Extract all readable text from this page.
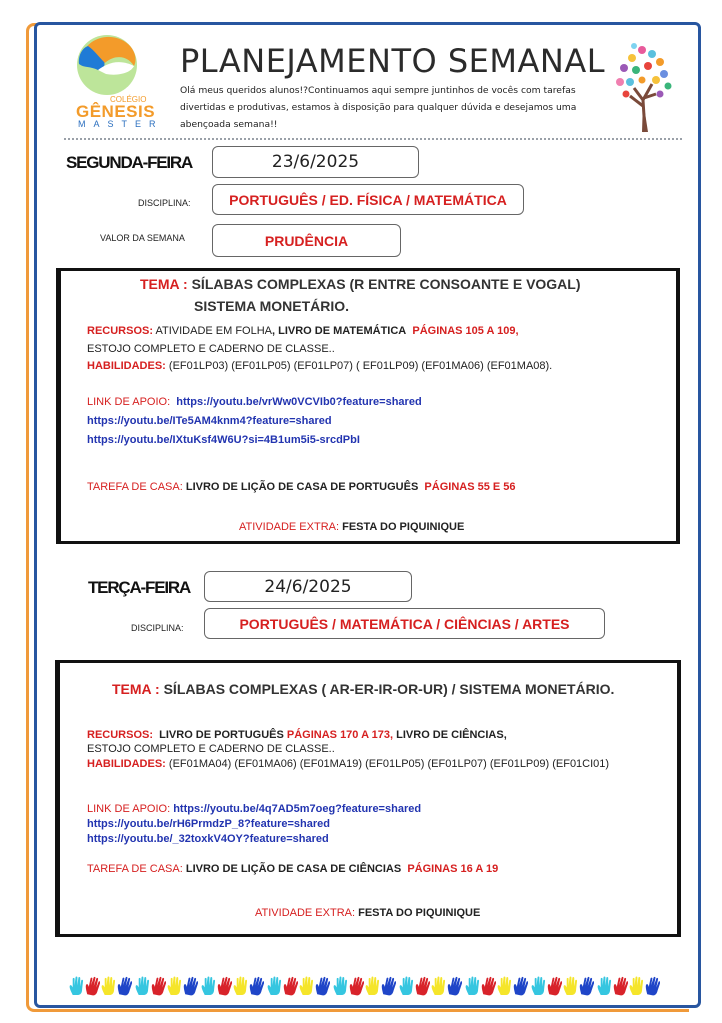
COLÉGIO
GÊNESIS
MASTER
PLANEJAMENTO SEMANAL
Olá meus queridos alunos!?Continuamos aqui sempre juntinhos de vocês com tarefas divertidas e produtivas, estamos à disposição para qualquer dúvida e desejamos uma abençoada semana!!
SEGUNDA-FEIRA	23/6/2025
DISCIPLINA:	PORTUGUÊS / ED. FÍSICA / MATEMÁTICA
VALOR DA SEMANA	PRUDÊNCIA
TEMA : SÍLABAS COMPLEXAS (R ENTRE CONSOANTE E VOGAL)
SISTEMA MONETÁRIO.
RECURSOS: ATIVIDADE EM FOLHA, LIVRO DE MATEMÁTICA PÁGINAS 105 A 109,
ESTOJO COMPLETO E CADERNO DE CLASSE..
HABILIDADES: (EF01LP03) (EF01LP05) (EF01LP07) ( EF01LP09) (EF01MA06) (EF01MA08).
LINK DE APOIO: https://youtu.be/vrWw0VCVIb0?feature=shared
https://youtu.be/ITe5AM4knm4?feature=shared
https://youtu.be/IXtuKsf4W6U?si=4B1um5i5-srcdPbI
TAREFA DE CASA: LIVRO DE LIÇÃO DE CASA DE PORTUGUÊS PÁGINAS 55 E 56
ATIVIDADE EXTRA: FESTA DO PIQUINIQUE
TERÇA-FEIRA	24/6/2025
DISCIPLINA:	PORTUGUÊS / MATEMÁTICA / CIÊNCIAS / ARTES
TEMA : SÍLABAS COMPLEXAS ( AR-ER-IR-OR-UR) / SISTEMA MONETÁRIO.
RECURSOS: LIVRO DE PORTUGUÊS PÁGINAS 170 A 173, LIVRO DE CIÊNCIAS,
ESTOJO COMPLETO E CADERNO DE CLASSE..
HABILIDADES: (EF01MA04) (EF01MA06) (EF01MA19) (EF01LP05) (EF01LP07) (EF01LP09) (EF01CI01)
LINK DE APOIO: https://youtu.be/4q7AD5m7oeg?feature=shared
https://youtu.be/rH6PrmdzP_8?feature=shared
https://youtu.be/_32toxkV4OY?feature=shared
TAREFA DE CASA: LIVRO DE LIÇÃO DE CASA DE CIÊNCIAS PÁGINAS 16 A 19
ATIVIDADE EXTRA: FESTA DO PIQUINIQUE
